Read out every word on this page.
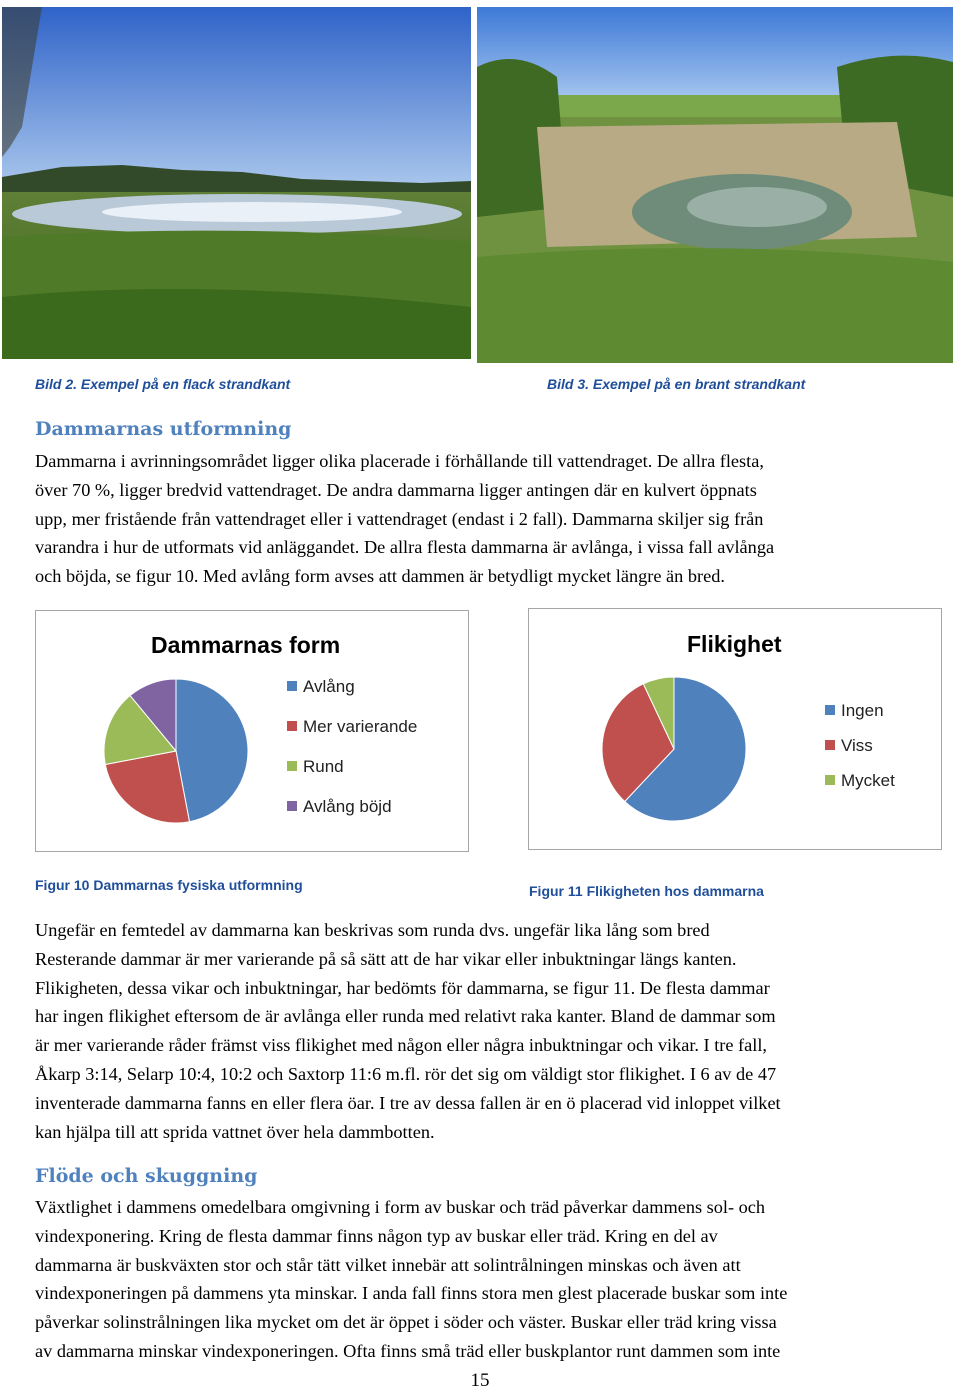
Bild 2. Exempel på en flack strandkant	Bild 3. Exempel på en brant strandkant
Dammarnas utformning
Dammarna i avrinningsområdet ligger olika placerade i förhållande till vattendraget. De allra flesta,
över 70 %, ligger bredvid vattendraget. De andra dammarna ligger antingen där en kulvert öppnats
upp, mer fristående från vattendraget eller i vattendraget (endast i 2 fall). Dammarna skiljer sig från
varandra i hur de utformats vid anläggandet. De allra flesta dammarna är avlånga, i vissa fall avlånga
och böjda, se figur 10. Med avlång form avses att dammen är betydligt mycket längre än bred.
Dammarnas form
Avlång
Mer varierande
Rund
Avlång böjd
Flikighet
Ingen
Viss
Mycket
Figur 10 Dammarnas fysiska utformning	Figur 11 Flikigheten hos dammarna
Ungefär en femtedel av dammarna kan beskrivas som runda dvs. ungefär lika lång som bred
Resterande dammar är mer varierande på så sätt att de har vikar eller inbuktningar längs kanten.
Flikigheten, dessa vikar och inbuktningar, har bedömts för dammarna, se figur 11. De flesta dammar
har ingen flikighet eftersom de är avlånga eller runda med relativt raka kanter. Bland de dammar som
är mer varierande råder främst viss flikighet med någon eller några inbuktningar och vikar. I tre fall,
Åkarp 3:14, Selarp 10:4, 10:2 och Saxtorp 11:6 m.fl. rör det sig om väldigt stor flikighet. I 6 av de 47
inventerade dammarna fanns en eller flera öar. I tre av dessa fallen är en ö placerad vid inloppet vilket
kan hjälpa till att sprida vattnet över hela dammbotten.
Flöde och skuggning
Växtlighet i dammens omedelbara omgivning i form av buskar och träd påverkar dammens sol- och
vindexponering. Kring de flesta dammar finns någon typ av buskar eller träd. Kring en del av
dammarna är buskväxten stor och står tätt vilket innebär att solintrålningen minskas och även att
vindexponeringen på dammens yta minskar. I anda fall finns stora men glest placerade buskar som inte
påverkar solinstrålningen lika mycket om det är öppet i söder och väster. Buskar eller träd kring vissa
av dammarna minskar vindexponeringen. Ofta finns små träd eller buskplantor runt dammen som inte
15
